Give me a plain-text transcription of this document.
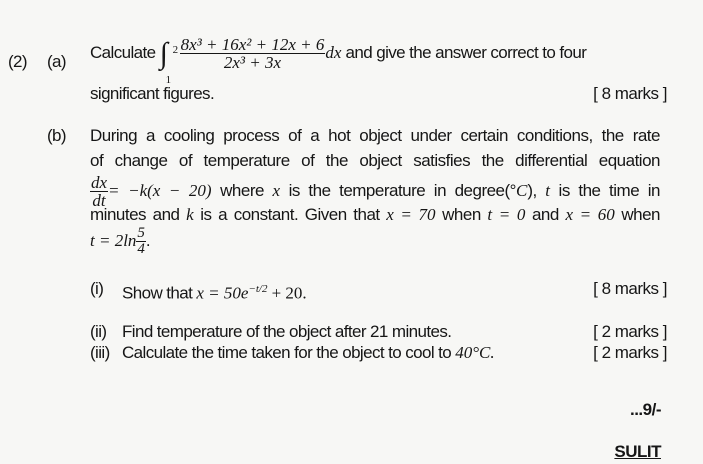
(2) (a) Calculate ∫ 2
1
$\frac{\text{8x³ + 16x² + 12x + 6}}{\text{2x³ + 3x}}$ dx and give the answer correct to four
significant figures.	[ 8 marks ]
(b) During a cooling process of a hot object under certain conditions, the rate
of change of temperature of the object satisfies the differential equation
$\frac{dx}{dt} = -k(x - 20)$ where x is the temperature in degree(°C), t is the time in
minutes and k is a constant. Given that x = 70 when t = 0 and x = 60 when
$t = 2\ln \frac{5}{4}$ .
(i) Show that $x = 50e^{-t/2} + 20$.	[ 8 marks ]
(ii) Find temperature of the object after 21 minutes.	[ 2 marks ]
(iii) Calculate the time taken for the object to cool to 40°C.	[ 2 marks ]
...9/-
SULIT
